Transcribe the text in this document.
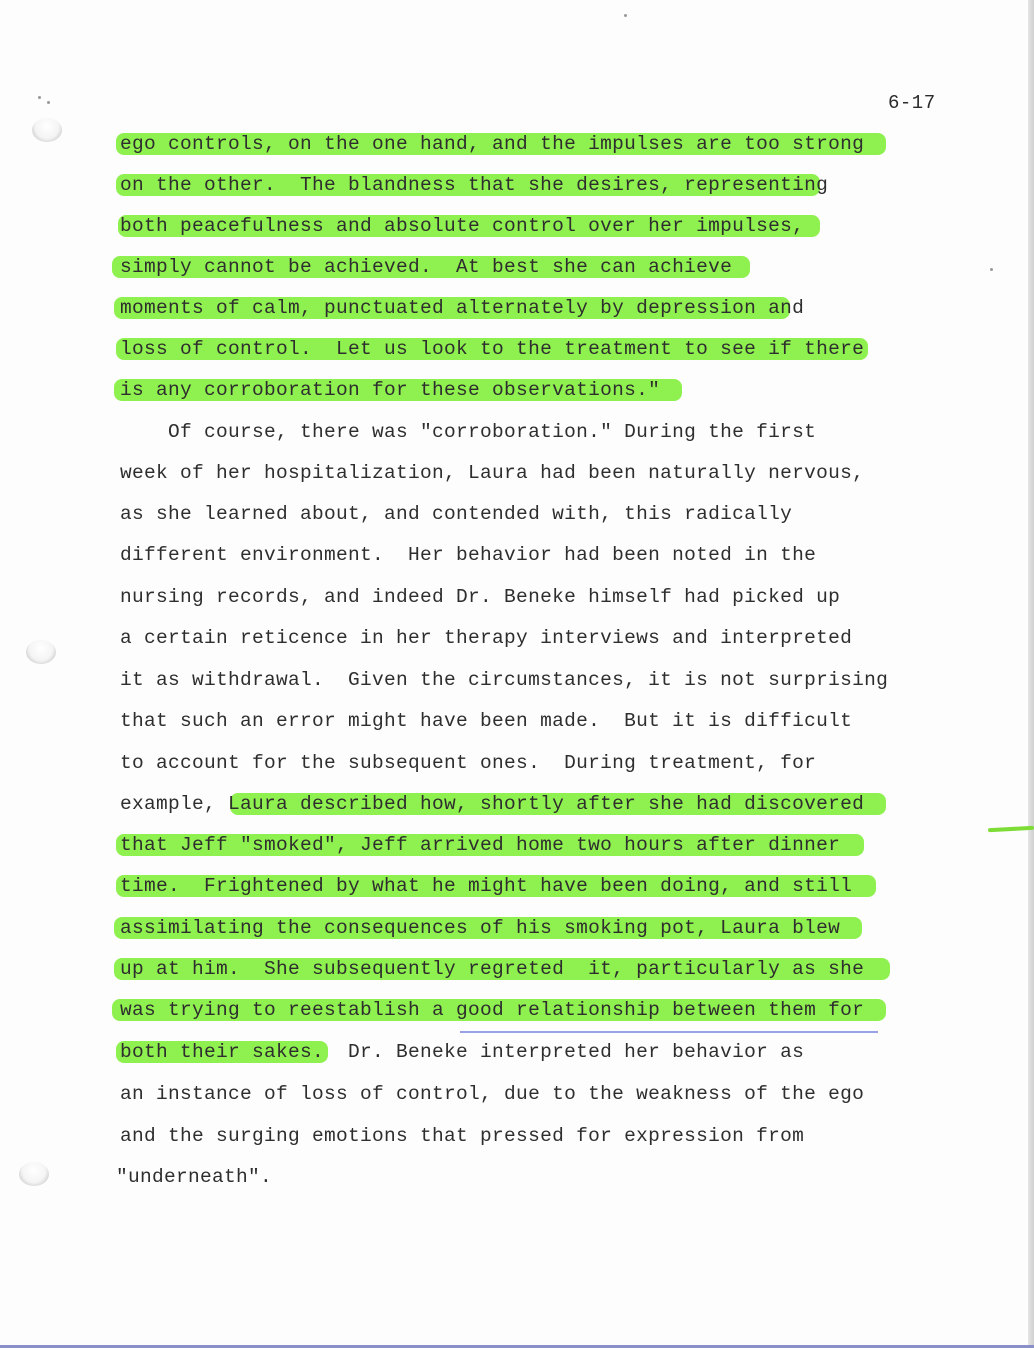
6-17
ego controls, on the one hand, and the impulses are too strong
on the other.  The blandness that she desires, representing
both peacefulness and absolute control over her impulses,
simply cannot be achieved.  At best she can achieve
moments of calm, punctuated alternately by depression and
loss of control.  Let us look to the treatment to see if there
is any corroboration for these observations."
Of course, there was "corroboration." During the first
week of her hospitalization, Laura had been naturally nervous,
as she learned about, and contended with, this radically
different environment.  Her behavior had been noted in the
nursing records, and indeed Dr. Beneke himself had picked up
a certain reticence in her therapy interviews and interpreted
it as withdrawal.  Given the circumstances, it is not surprising
that such an error might have been made.  But it is difficult
to account for the subsequent ones.  During treatment, for
example, Laura described how, shortly after she had discovered
that Jeff "smoked", Jeff arrived home two hours after dinner
time.  Frightened by what he might have been doing, and still
assimilating the consequences of his smoking pot, Laura blew
up at him.  She subsequently regreted  it, particularly as she
was trying to reestablish a good relationship between them for
both their sakes.  Dr. Beneke interpreted her behavior as
an instance of loss of control, due to the weakness of the ego
and the surging emotions that pressed for expression from
"underneath".
